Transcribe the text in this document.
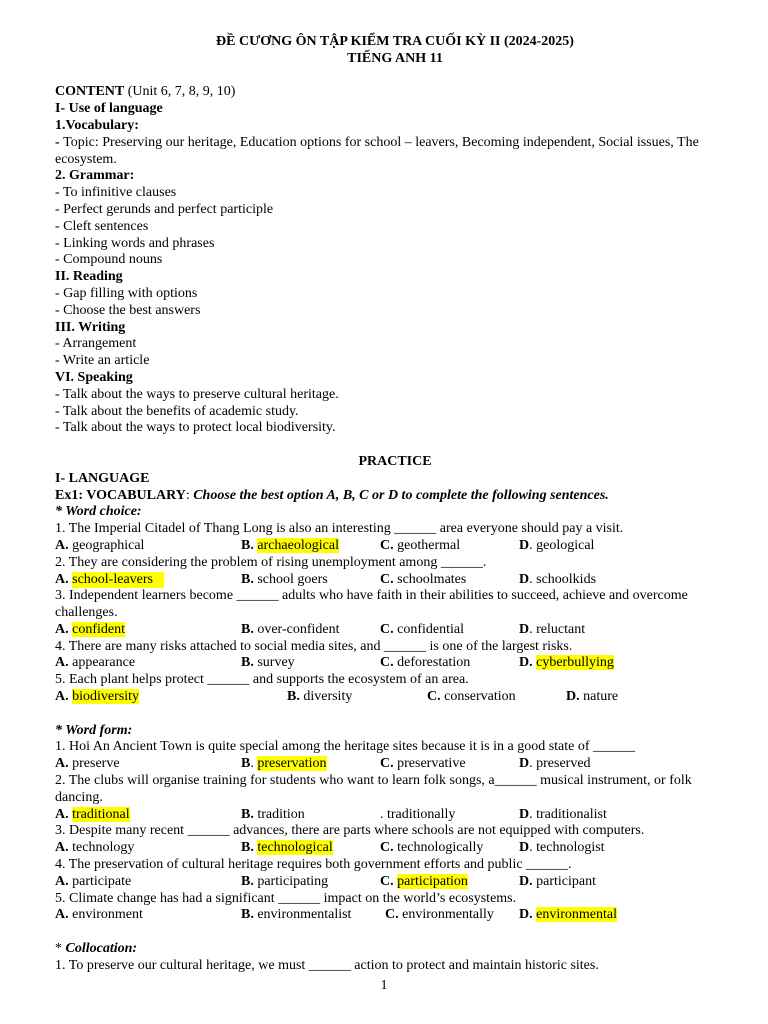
ĐỀ CƯƠNG ÔN TẬP KIỂM TRA CUỐI KỲ II (2024-2025)
TIẾNG ANH 11
CONTENT (Unit 6, 7, 8, 9, 10)
I- Use of language
1.Vocabulary:
- Topic: Preserving our heritage, Education options for school – leavers, Becoming independent, Social issues, The ecosystem.
2. Grammar:
- To infinitive clauses
- Perfect gerunds and perfect participle
- Cleft sentences
- Linking words and phrases
- Compound nouns
II. Reading
- Gap filling with options
- Choose the best answers
III. Writing
- Arrangement
- Write an article
VI. Speaking
- Talk about the ways to preserve cultural heritage.
- Talk about the benefits of academic study.
- Talk about the ways to protect local biodiversity.
PRACTICE
I- LANGUAGE
Ex1: VOCABULARY: Choose the best option A, B, C or D to complete the following sentences.
* Word choice:
1. The Imperial Citadel of Thang Long is also an interesting ______ area everyone should pay a visit.
A. geographical	B. archaeological	C. geothermal	D. geological
2. They are considering the problem of rising unemployment among ______.
A. school-leavers	B. school goers	C. schoolmates	D. schoolkids
3. Independent learners become ______ adults who have faith in their abilities to succeed, achieve and overcome challenges.
A. confident	B. over-confident	C. confidential	D. reluctant
4. There are many risks attached to social media sites, and ______ is one of the largest risks.
A. appearance	B. survey	C. deforestation	D. cyberbullying
5. Each plant helps protect ______ and supports the ecosystem of an area.
A. biodiversity	B. diversity	C. conservation	D. nature
* Word form:
1. Hoi An Ancient Town is quite special among the heritage sites because it is in a good state of ______
A. preserve	B. preservation	C. preservative	D. preserved
2. The clubs will organise training for students who want to learn folk songs, a______ musical instrument, or folk dancing.
A. traditional	B. tradition	. traditionally	D. traditionalist
3. Despite many recent ______ advances, there are parts where schools are not equipped with computers.
A. technology	B. technological	C. technologically	D. technologist
4. The preservation of cultural heritage requires both government efforts and public ______.
A. participate	B. participating	C. participation	D. participant
5. Climate change has had a significant ______ impact on the world’s ecosystems.
A. environment	B. environmentalist C. environmentally D. environmental
* Collocation:
1. To preserve our cultural heritage, we must ______ action to protect and maintain historic sites.
1
